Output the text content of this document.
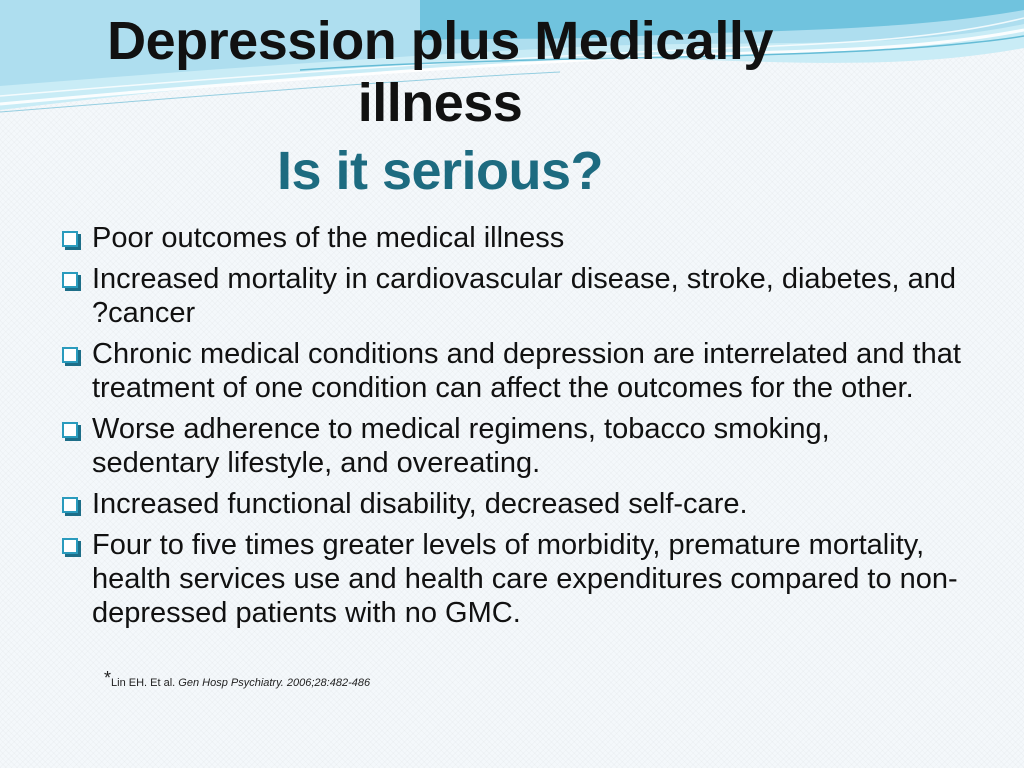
Depression plus Medically
illness
Is it serious?
Poor outcomes of the medical illness
Increased mortality in cardiovascular disease, stroke, diabetes, and ?cancer
Chronic medical conditions and depression are interrelated and that treatment of one condition can affect the outcomes for the other.
Worse adherence to medical regimens, tobacco smoking, sedentary lifestyle, and overeating.
Increased functional disability, decreased self-care.
Four to five times greater levels of morbidity, premature mortality, health services use and health care expenditures compared to non- depressed patients with no GMC.
*Lin EH. Et al. Gen Hosp Psychiatry. 2006;28:482-486
